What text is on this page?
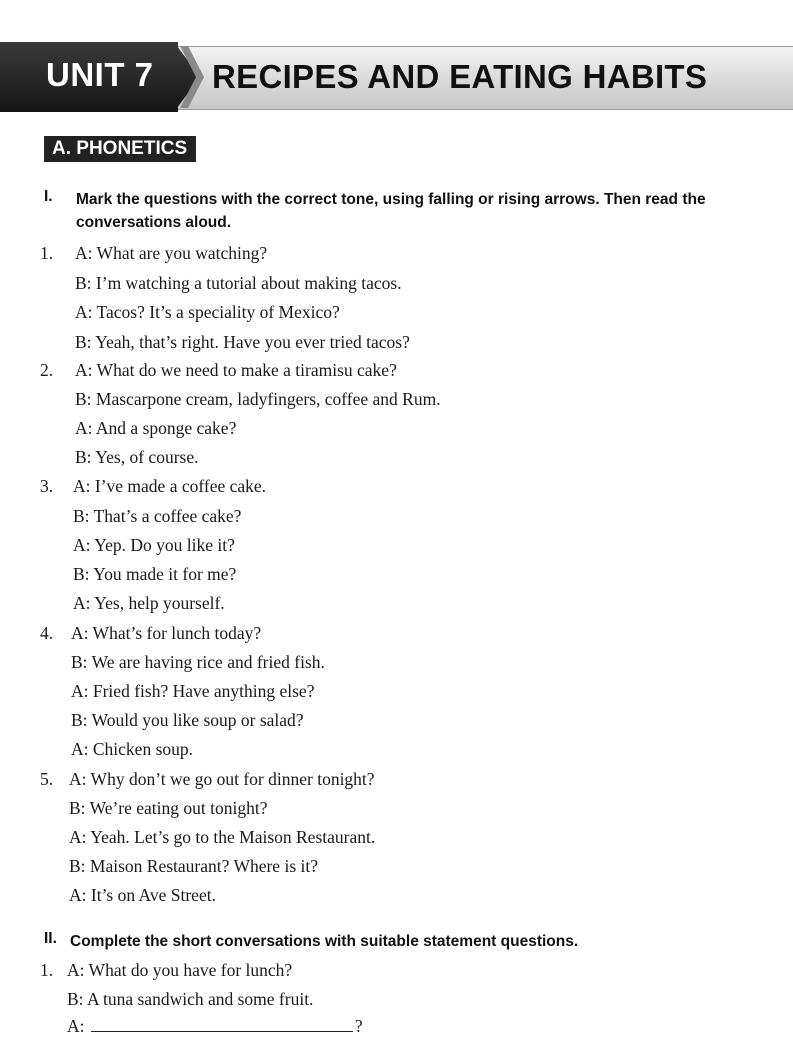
UNIT 7 RECIPES AND EATING HABITS
A. PHONETICS
I. Mark the questions with the correct tone, using falling or rising arrows. Then read the conversations aloud.
1. A: What are you watching?
B: I’m watching a tutorial about making tacos.
A: Tacos? It’s a speciality of Mexico?
B: Yeah, that’s right. Have you ever tried tacos?
2. A: What do we need to make a tiramisu cake?
B: Mascarpone cream, ladyfingers, coffee and Rum.
A: And a sponge cake?
B: Yes, of course.
3. A: I’ve made a coffee cake.
B: That’s a coffee cake?
A: Yep. Do you like it?
B: You made it for me?
A: Yes, help yourself.
4. A: What’s for lunch today?
B: We are having rice and fried fish.
A: Fried fish? Have anything else?
B: Would you like soup or salad?
A: Chicken soup.
5. A: Why don’t we go out for dinner tonight?
B: We’re eating out tonight?
A: Yeah. Let’s go to the Maison Restaurant.
B: Maison Restaurant? Where is it?
A: It’s on Ave Street.
II. Complete the short conversations with suitable statement questions.
1. A: What do you have for lunch?
B: A tuna sandwich and some fruit.
A:	?
